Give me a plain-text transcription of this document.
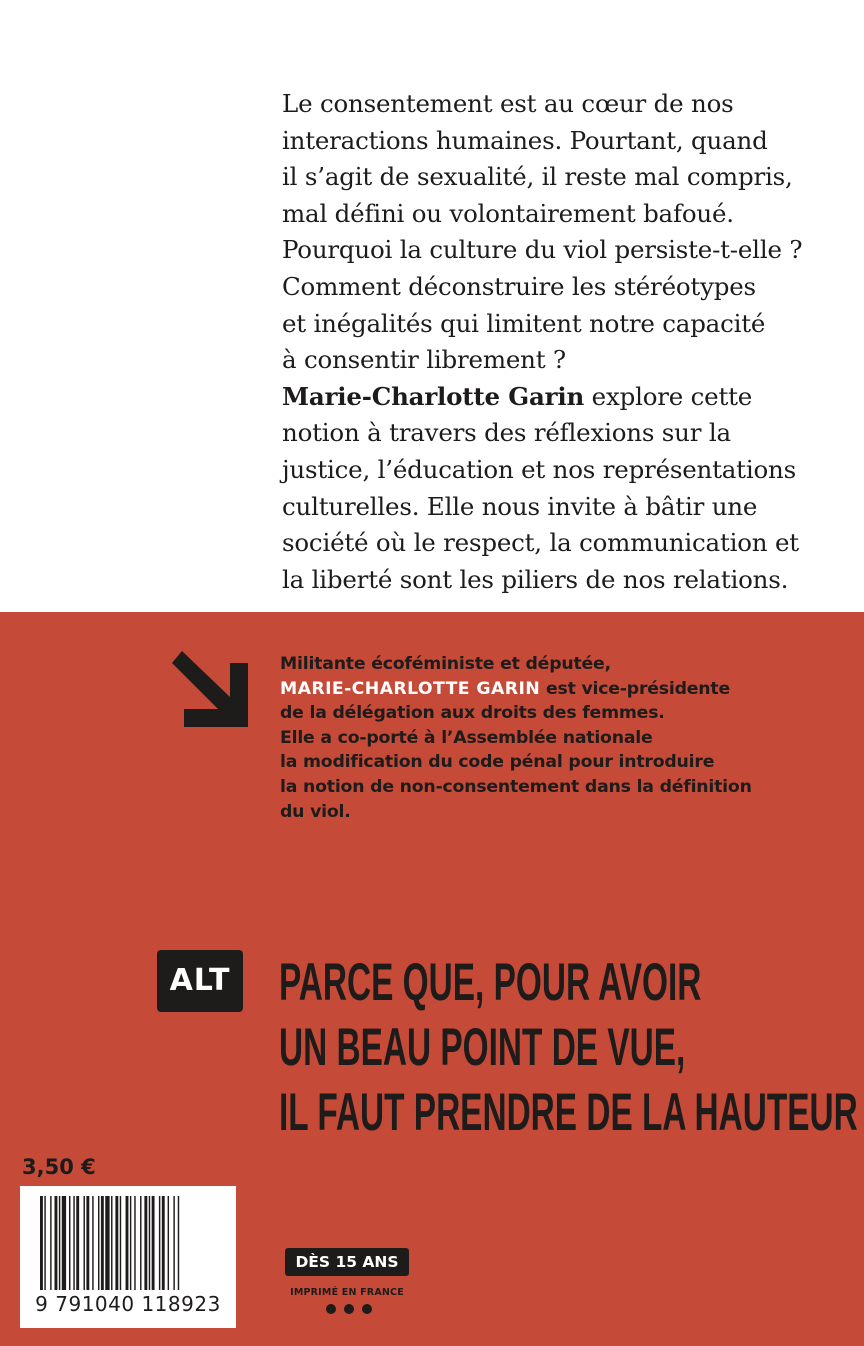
Le consentement est au cœur de nos
interactions humaines. Pourtant, quand
il s’agit de sexualité, il reste mal compris,
mal défini ou volontairement bafoué.
Pourquoi la culture du viol persiste-t-elle ?
Comment déconstruire les stéréotypes
et inégalités qui limitent notre capacité
à consentir librement ?
Marie-Charlotte Garin explore cette
notion à travers des réflexions sur la
justice, l’éducation et nos représentations
culturelles. Elle nous invite à bâtir une
société où le respect, la communication et
la liberté sont les piliers de nos relations.
Militante écoféministe et députée,
MARIE-CHARLOTTE GARIN est vice-présidente
de la délégation aux droits des femmes.
Elle a co-porté à l’Assemblée nationale
la modification du code pénal pour introduire
la notion de non-consentement dans la définition
du viol.
ALT PARCE QUE, POUR AVOIR
UN BEAU POINT DE VUE,
IL FAUT PRENDRE DE LA HAUTEUR
3,50 €
9 791040 118923
DÈS 15 ANS
IMPRIMÉ EN FRANCE
